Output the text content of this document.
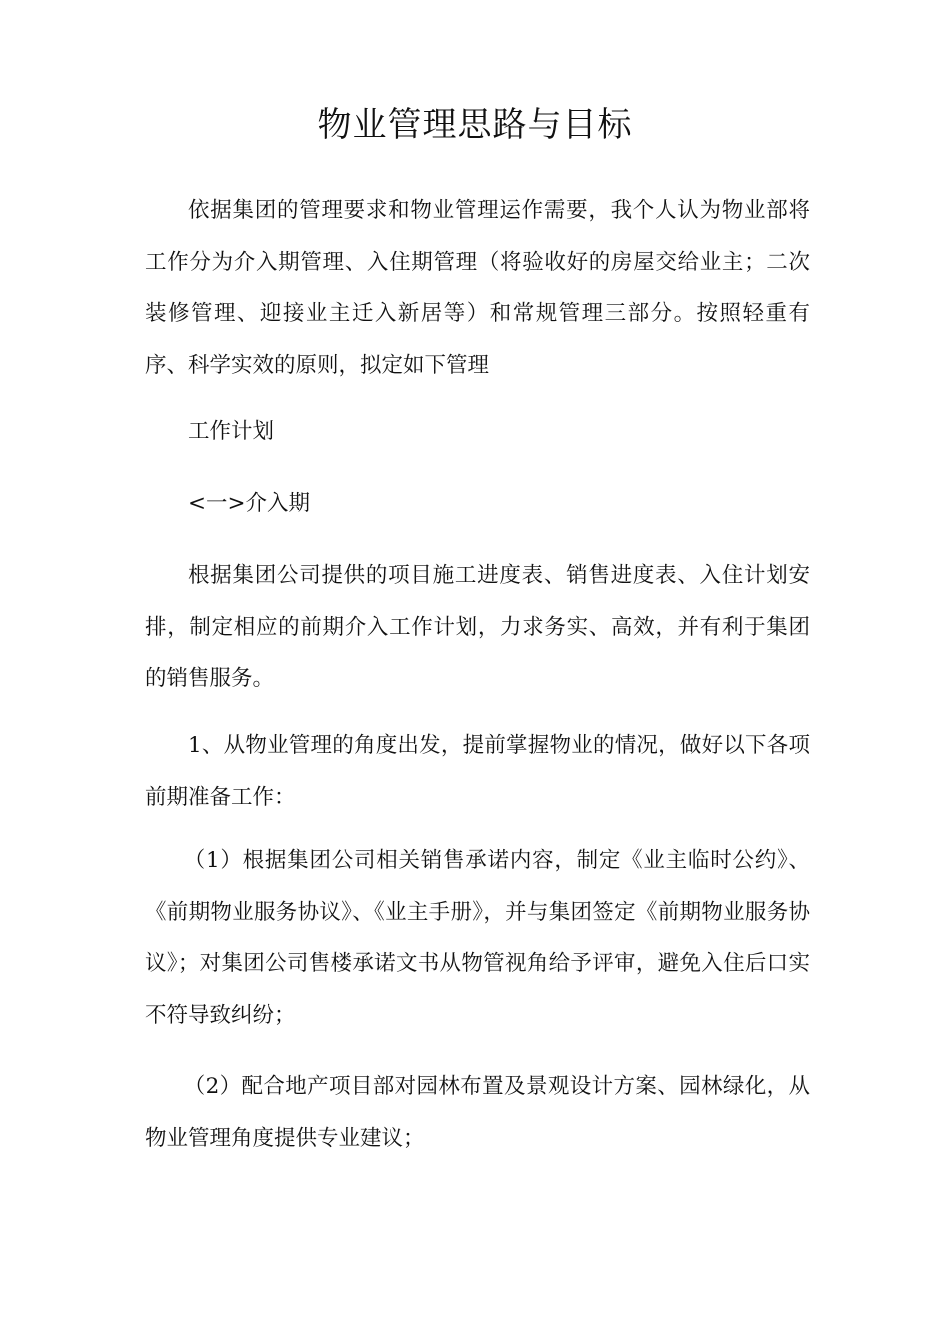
物业管理思路与目标

依据集团的管理要求和物业管理运作需要，我个人认为物业部将工作分为介入期管理、入住期管理（将验收好的房屋交给业主；二次装修管理、迎接业主迁入新居等）和常规管理三部分。按照轻重有序、科学实效的原则，拟定如下管理

工作计划

<一>介入期

根据集团公司提供的项目施工进度表、销售进度表、入住计划安排，制定相应的前期介入工作计划，力求务实、高效，并有利于集团的销售服务。

1、从物业管理的角度出发，提前掌握物业的情况，做好以下各项前期准备工作：

（1）根据集团公司相关销售承诺内容，制定《业主临时公约》、《前期物业服务协议》、《业主手册》，并与集团签定《前期物业服务协议》；对集团公司售楼承诺文书从物管视角给予评审，避免入住后口实不符导致纠纷；

（2）配合地产项目部对园林布置及景观设计方案、园林绿化，从物业管理角度提供专业建议；
